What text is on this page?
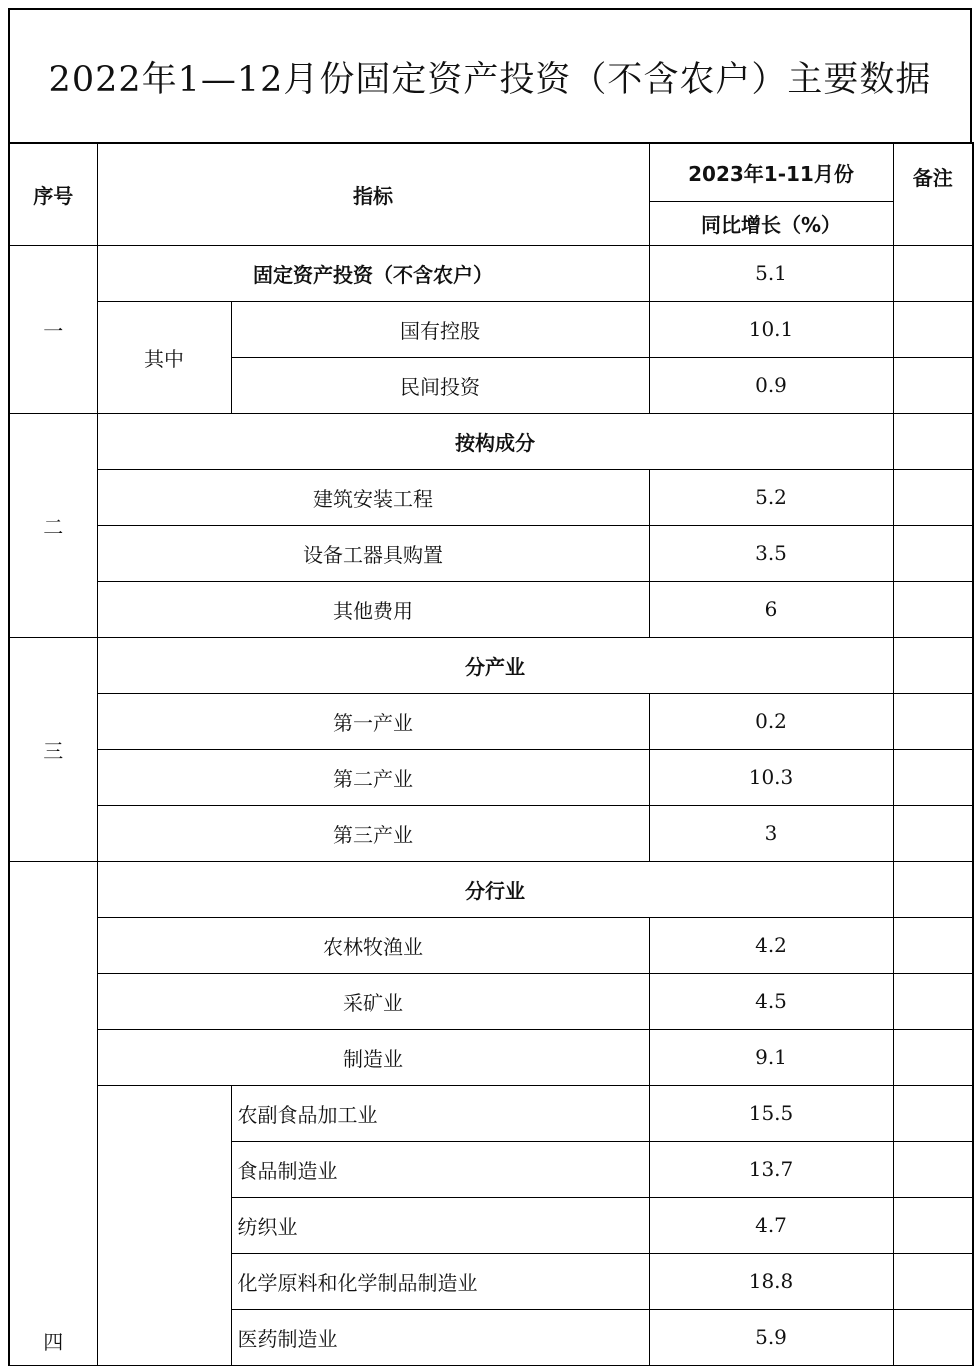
2022年1—12月份固定资产投资（不含农户）主要数据
序号	指标		2023年1-11月份	备注
			同比增长（%）	
一	固定资产投资（不含农户）		5.1	
	其中	国有控股	10.1	
		民间投资	0.9	
二	按构成分			
	建筑安装工程		5.2	
	设备工器具购置		3.5	
	其他费用		6	
三	分产业			
	第一产业		0.2	
	第二产业		10.3	
	第三产业		3	
四	分行业			
	农林牧渔业		4.2	
	采矿业		4.5	
	制造业		9.1	
		农副食品加工业	15.5	
		食品制造业	13.7	
		纺织业	4.7	
		化学原料和化学制品制造业	18.8	
		医药制造业	5.9	
